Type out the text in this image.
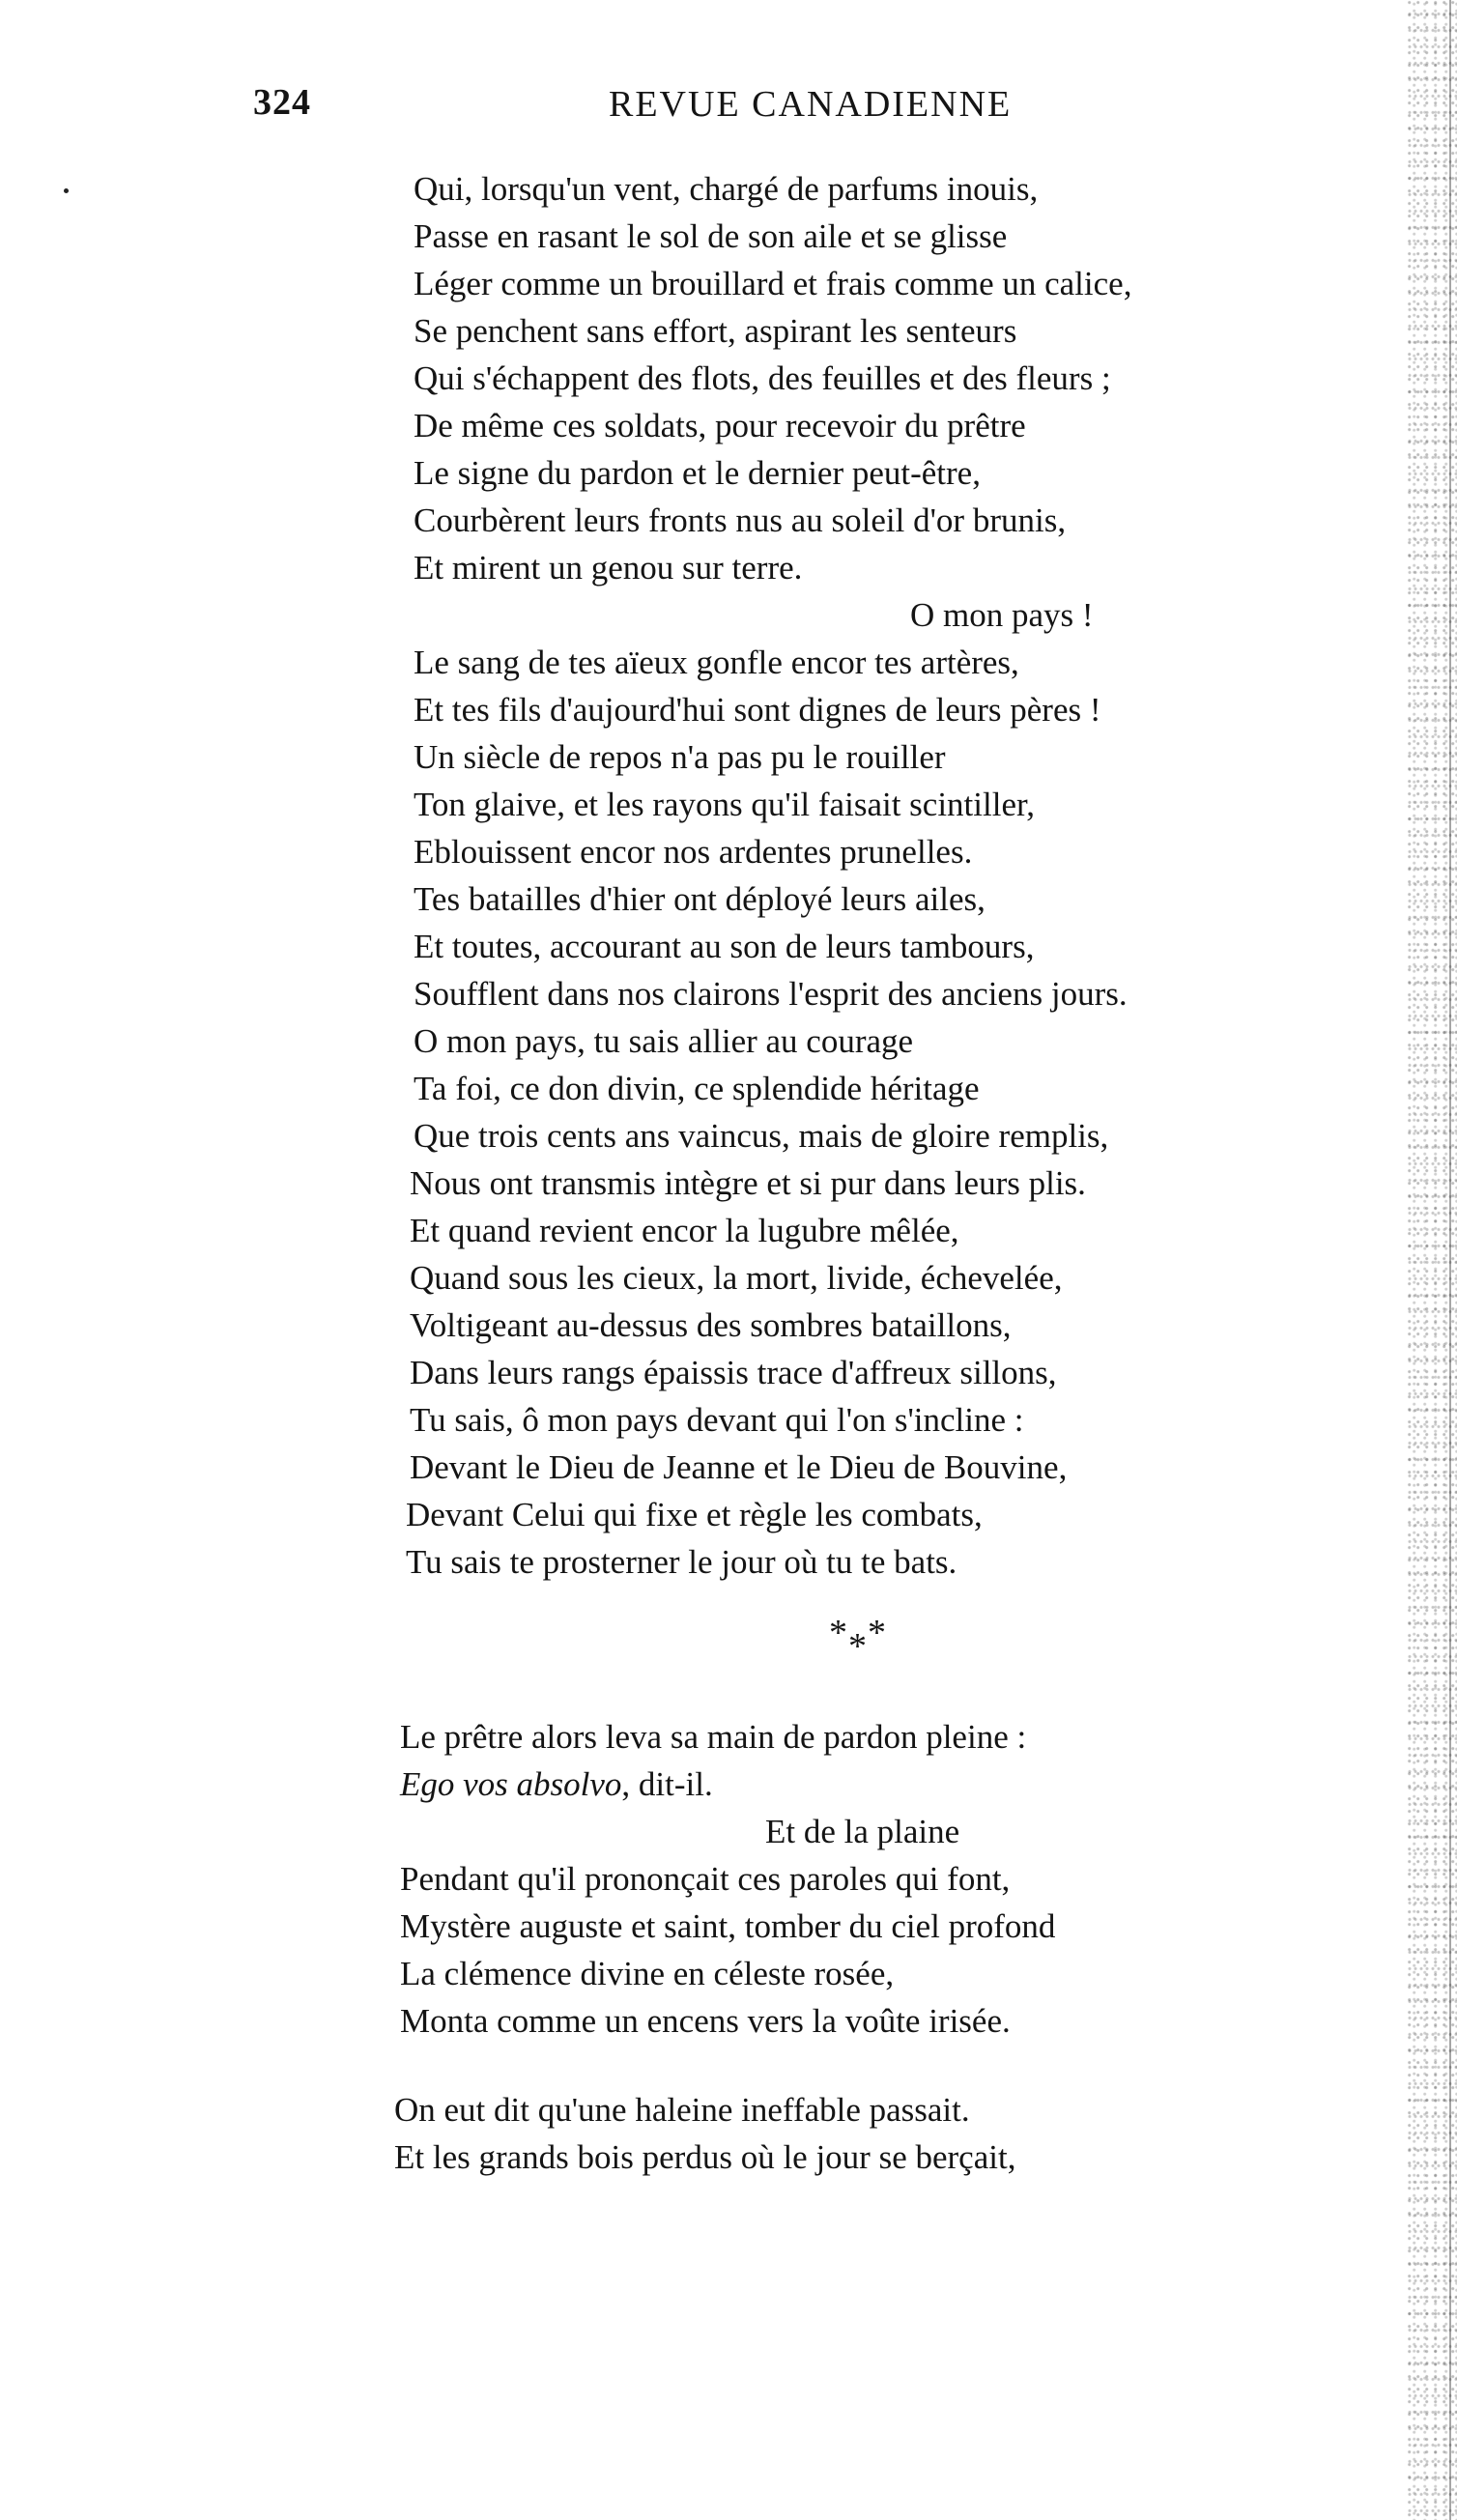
324	REVUE CANADIENNE
Qui, lorsqu'un vent, chargé de parfums inouis,
Passe en rasant le sol de son aile et se glisse
Léger comme un brouillard et frais comme un calice,
Se penchent sans effort, aspirant les senteurs
Qui s'échappent des flots, des feuilles et des fleurs ;
De même ces soldats, pour recevoir du prêtre
Le signe du pardon et le dernier peut-être,
Courbèrent leurs fronts nus au soleil d'or brunis,
Et mirent un genou sur terre.
O mon pays !
Le sang de tes aïeux gonfle encor tes artères,
Et tes fils d'aujourd'hui sont dignes de leurs pères !
Un siècle de repos n'a pas pu le rouiller
Ton glaive, et les rayons qu'il faisait scintiller,
Eblouissent encor nos ardentes prunelles.
Tes batailles d'hier ont déployé leurs ailes,
Et toutes, accourant au son de leurs tambours,
Soufflent dans nos clairons l'esprit des anciens jours.
O mon pays, tu sais allier au courage
Ta foi, ce don divin, ce splendide héritage
Que trois cents ans vaincus, mais de gloire remplis,
Nous ont transmis intègre et si pur dans leurs plis.
Et quand revient encor la lugubre mêlée,
Quand sous les cieux, la mort, livide, échevelée,
Voltigeant au-dessus des sombres bataillons,
Dans leurs rangs épaissis trace d'affreux sillons,
Tu sais, ô mon pays devant qui l'on s'incline :
Devant le Dieu de Jeanne et le Dieu de Bouvine,
Devant Celui qui fixe et règle les combats,
Tu sais te prosterner le jour où tu te bats.
* * *
Le prêtre alors leva sa main de pardon pleine :
Ego vos absolvo, dit-il.
Et de la plaine
Pendant qu'il prononçait ces paroles qui font,
Mystère auguste et saint, tomber du ciel profond
La clémence divine en céleste rosée,
Monta comme un encens vers la voûte irisée.
On eut dit qu'une haleine ineffable passait.
Et les grands bois perdus où le jour se berçait,
